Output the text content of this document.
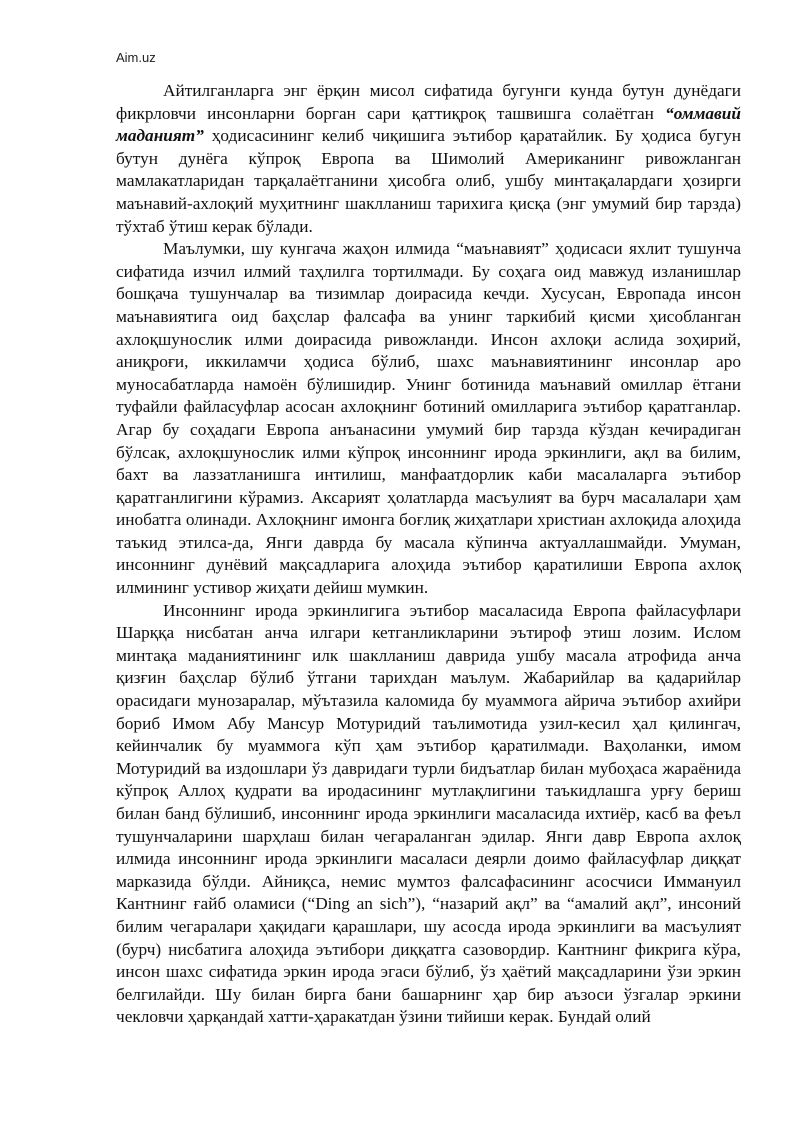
Aim.uz

Айтилганларга энг ёрқин мисол сифатида бугунги кунда бутун дунёдаги фикрловчи инсонларни борган сари қаттиқроқ ташвишга солаётган “оммавий маданият” ҳодисасининг келиб чиқишига эътибор қаратайлик. Бу ҳодиса бугун бутун дунёга кўпроқ Европа ва Шимолий Американинг ривожланган мамлакатларидан тарқалаётганини ҳисобга олиб, ушбу минтақалардаги ҳозирги маънавий-ахлоқий муҳитнинг шаклланиш тарихига қисқа (энг умумий бир тарзда) тўхтаб ўтиш керак бўлади.

Маълумки, шу кунгача жаҳон илмида “маънавият” ҳодисаси яхлит тушунча сифатида изчил илмий таҳлилга тортилмади. Бу соҳага оид мавжуд изланишлар бошқача тушунчалар ва тизимлар доирасида кечди. Хусусан, Европада инсон маънавиятига оид баҳслар фалсафа ва унинг таркибий қисми ҳисобланган ахлоқшунослик илми доирасида ривожланди. Инсон ахлоқи аслида зоҳирий, аниқроғи, иккиламчи ҳодиса бўлиб, шахс маънавиятининг инсонлар аро муносабатларда намоён бўлишидир. Унинг ботинида маънавий омиллар ётгани туфайли файласуфлар асосан ахлоқнинг ботиний омилларига эътибор қаратганлар. Агар бу соҳадаги Европа анъанасини умумий бир тарзда кўздан кечирадиган бўлсак, ахлоқшунослик илми кўпроқ инсоннинг ирода эркинлиги, ақл ва билим, бахт ва лаззатланишга интилиш, манфаатдорлик каби масалаларга эътибор қаратганлигини кўрамиз. Аксарият ҳолатларда масъулият ва бурч масалалари ҳам инобатга олинади. Ахлоқнинг имонга боғлиқ жиҳатлари христиан ахлоқида алоҳида таъкид этилса-да, Янги даврда бу масала кўпинча актуаллашмайди. Умуман, инсоннинг дунёвий мақсадларига алоҳида эътибор қаратилиши Европа ахлоқ илмининг устивор жиҳати дейиш мумкин.

Инсоннинг ирода эркинлигига эътибор масаласида Европа файласуфлари Шарққа нисбатан анча илгари кетганликларини эътироф этиш лозим. Ислом минтақа маданиятининг илк шаклланиш даврида ушбу масала атрофида анча қизғин баҳслар бўлиб ўтгани тарихдан маълум. Жабарийлар ва қадарийлар орасидаги мунозаралар, мўътазила каломида бу муаммога айрича эътибор ахийри бориб Имом Абу Мансур Мотуридий таълимотида узил-кесил ҳал қилингач, кейинчалик бу муаммога кўп ҳам эътибор қаратилмади. Ваҳоланки, имом Мотуридий ва издошлари ўз давридаги турли бидъатлар билан мубоҳаса жараёнида кўпроқ Аллоҳ қудрати ва иродасининг мутлақлигини таъкидлашга урғу бериш билан банд бўлишиб, инсоннинг ирода эркинлиги масаласида ихтиёр, касб ва феъл тушунчаларини шарҳлаш билан чегараланган эдилар. Янги давр Европа ахлоқ илмида инсоннинг ирода эркинлиги масаласи деярли доимо файласуфлар диққат марказида бўлди. Айниқса, немис мумтоз фалсафасининг асосчиси Иммануил Кантнинг ғайб оламиси (“Ding an sich”), “назарий ақл” ва “амалий ақл”, инсоний билим чегаралари ҳақидаги қарашлари, шу асосда ирода эркинлиги ва масъулият (бурч) нисбатига алоҳида эътибори диққатга сазовордир. Кантнинг фикрига кўра, инсон шахс сифатида эркин ирода эгаси бўлиб, ўз ҳаётий мақсадларини ўзи эркин белгилайди. Шу билан бирга бани башарнинг ҳар бир аъзоси ўзгалар эркини чекловчи ҳарқандай хатти-ҳаракатдан ўзини тийиши керак. Бундай олий
